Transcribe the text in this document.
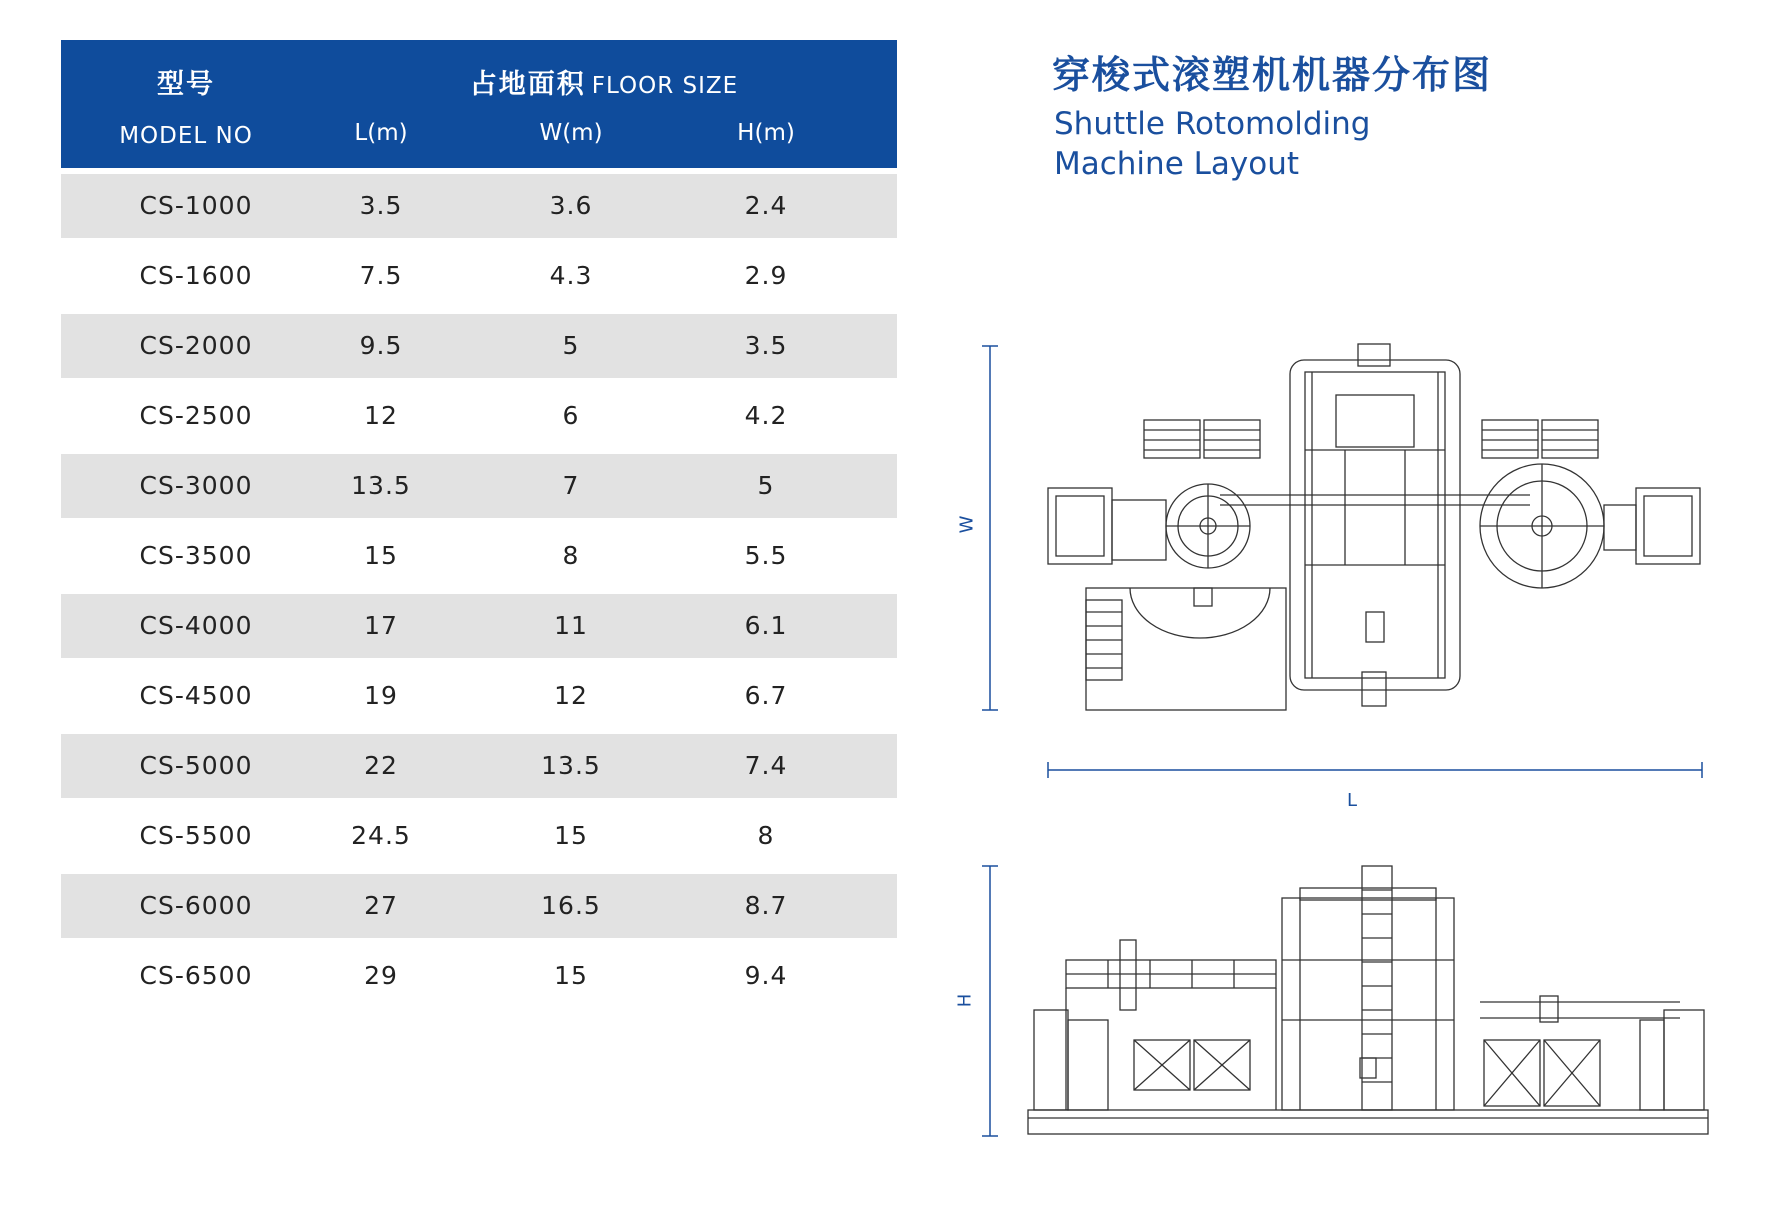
型号
MODEL NO
占地面积 FLOOR SIZE
L(m)	W(m)	H(m)
CS-1000	3.5	3.6	2.4
CS-1600	7.5	4.3	2.9
CS-2000	9.5	5	3.5
CS-2500	12	6	4.2
CS-3000	13.5	7	5
CS-3500	15	8	5.5
CS-4000	17	11	6.1
CS-4500	19	12	6.7
CS-5000	22	13.5	7.4
CS-5500	24.5	15	8
CS-6000	27	16.5	8.7
CS-6500	29	15	9.4
穿梭式滚塑机机器分布图
Shuttle Rotomolding
Machine Layout
W
L
H
